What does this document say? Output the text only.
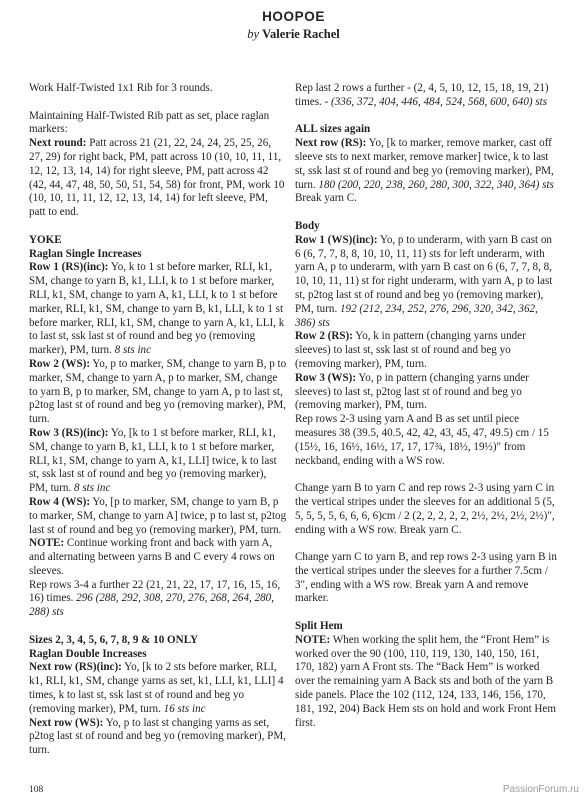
HOOPOE
by Valerie Rachel

Work Half-Twisted 1x1 Rib for 3 rounds.

Maintaining Half-Twisted Rib patt as set, place raglan markers:

Next round: Patt across 21 (21, 22, 24, 24, 25, 25, 26, 27, 29) for right back, PM, patt across 10 (10, 10, 11, 11, 12, 12, 13, 14, 14) for right sleeve, PM, patt across 42 (42, 44, 47, 48, 50, 50, 51, 54, 58) for front, PM, work 10 (10, 10, 11, 11, 12, 12, 13, 14, 14) for left sleeve, PM, patt to end.

YOKE

Raglan Single Increases

Row 1 (RS)(inc): Yo, k to 1 st before marker, RLI, k1, SM, change to yarn B, k1, LLI, k to 1 st before marker, RLI, k1, SM, change to yarn A, k1, LLI, k to 1 st before marker, RLI, k1, SM, change to yarn B, k1, LLI, k to 1 st before marker, RLI, k1, SM, change to yarn A, k1, LLI, k to last st, ssk last st of round and beg yo (removing marker), PM, turn. 8 sts inc

Row 2 (WS): Yo, p to marker, SM, change to yarn B, p to marker, SM, change to yarn A, p to marker, SM, change to yarn B, p to marker, SM, change to yarn A, p to last st, p2tog last st of round and beg yo (removing marker), PM, turn.

Row 3 (RS)(inc): Yo, [k to 1 st before marker, RLI, k1, SM, change to yarn B, k1, LLI, k to 1 st before marker, RLI, k1, SM, change to yarn A, k1, LLI] twice, k to last st, ssk last st of round and beg yo (removing marker), PM, turn. 8 sts inc

Row 4 (WS): Yo, [p to marker, SM, change to yarn B, p to marker, SM, change to yarn A] twice, p to last st, p2tog last st of round and beg yo (removing marker), PM, turn.

NOTE: Continue working front and back with yarn A, and alternating between yarns B and C every 4 rows on sleeves.

Rep rows 3-4 a further 22 (21, 21, 22, 17, 17, 16, 15, 16, 16) times. 296 (288, 292, 308, 270, 276, 268, 264, 280, 288) sts

Sizes 2, 3, 4, 5, 6, 7, 8, 9 & 10 ONLY

Raglan Double Increases

Next row (RS)(inc): Yo, [k to 2 sts before marker, RLI, k1, RLI, k1, SM, change yarns as set, k1, LLI, k1, LLI] 4 times, k to last st, ssk last st of round and beg yo (removing marker), PM, turn. 16 sts inc

Next row (WS): Yo, p to last st changing yarns as set, p2tog last st of round and beg yo (removing marker), PM, turn.

Rep last 2 rows a further - (2, 4, 5, 10, 12, 15, 18, 19, 21) times. - (336, 372, 404, 446, 484, 524, 568, 600, 640) sts

ALL sizes again

Next row (RS): Yo, [k to marker, remove marker, cast off sleeve sts to next marker, remove marker] twice, k to last st, ssk last st of round and beg yo (removing marker), PM, turn. 180 (200, 220, 238, 260, 280, 300, 322, 340, 364) sts

Break yarn C.

Body

Row 1 (WS)(inc): Yo, p to underarm, with yarn B cast on 6 (6, 7, 7, 8, 8, 10, 10, 11, 11) sts for left underarm, with yarn A, p to underarm, with yarn B cast on 6 (6, 7, 7, 8, 8, 10, 10, 11, 11) st for right underarm, with yarn A, p to last st, p2tog last st of round and beg yo (removing marker), PM, turn. 192 (212, 234, 252, 276, 296, 320, 342, 362, 386) sts

Row 2 (RS): Yo, k in pattern (changing yarns under sleeves) to last st, ssk last st of round and beg yo (removing marker), PM, turn.

Row 3 (WS): Yo, p in pattern (changing yarns under sleeves) to last st, p2tog last st of round and beg yo (removing marker), PM, turn.

Rep rows 2-3 using yarn A and B as set until piece measures 38 (39.5, 40.5, 42, 42, 43, 45, 47, 49.5) cm / 15 (15½, 16, 16½, 16½, 17, 17, 17¾, 18½, 19½)" from neckband, ending with a WS row.

Change yarn B to yarn C and rep rows 2-3 using yarn C in the vertical stripes under the sleeves for an additional 5 (5, 5, 5, 5, 5, 6, 6, 6, 6)cm / 2 (2, 2, 2, 2, 2, 2½, 2½, 2½, 2½)", ending with a WS row. Break yarn C.

Change yarn C to yarn B, and rep rows 2-3 using yarn B in the vertical stripes under the sleeves for a further 7.5cm / 3", ending with a WS row. Break yarn A and remove marker.

Split Hem

NOTE: When working the split hem, the “Front Hem” is worked over the 90 (100, 110, 119, 130, 140, 150, 161, 170, 182) yarn A Front sts. The “Back Hem” is worked over the remaining yarn A Back sts and both of the yarn B side panels. Place the 102 (112, 124, 133, 146, 156, 170, 181, 192, 204) Back Hem sts on hold and work Front Hem first.

108	PassionForum.ru
